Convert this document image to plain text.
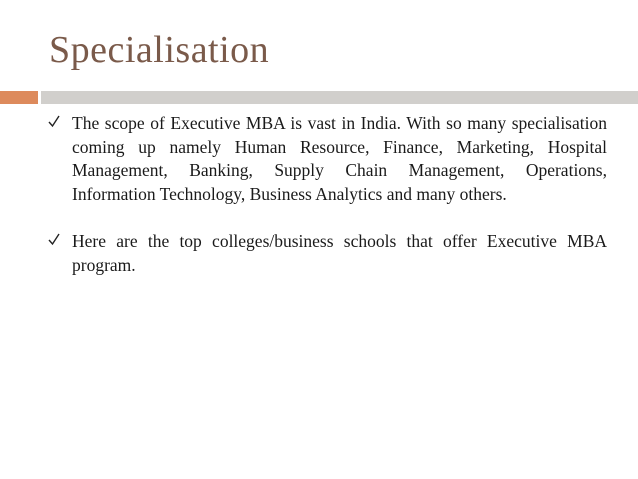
Specialisation
The scope of Executive MBA is vast in India. With so many specialisation coming up namely Human Resource, Finance, Marketing, Hospital Management, Banking, Supply Chain Management, Operations, Information Technology, Business Analytics and many others.
Here are the top colleges/business schools that offer Executive MBA program.
